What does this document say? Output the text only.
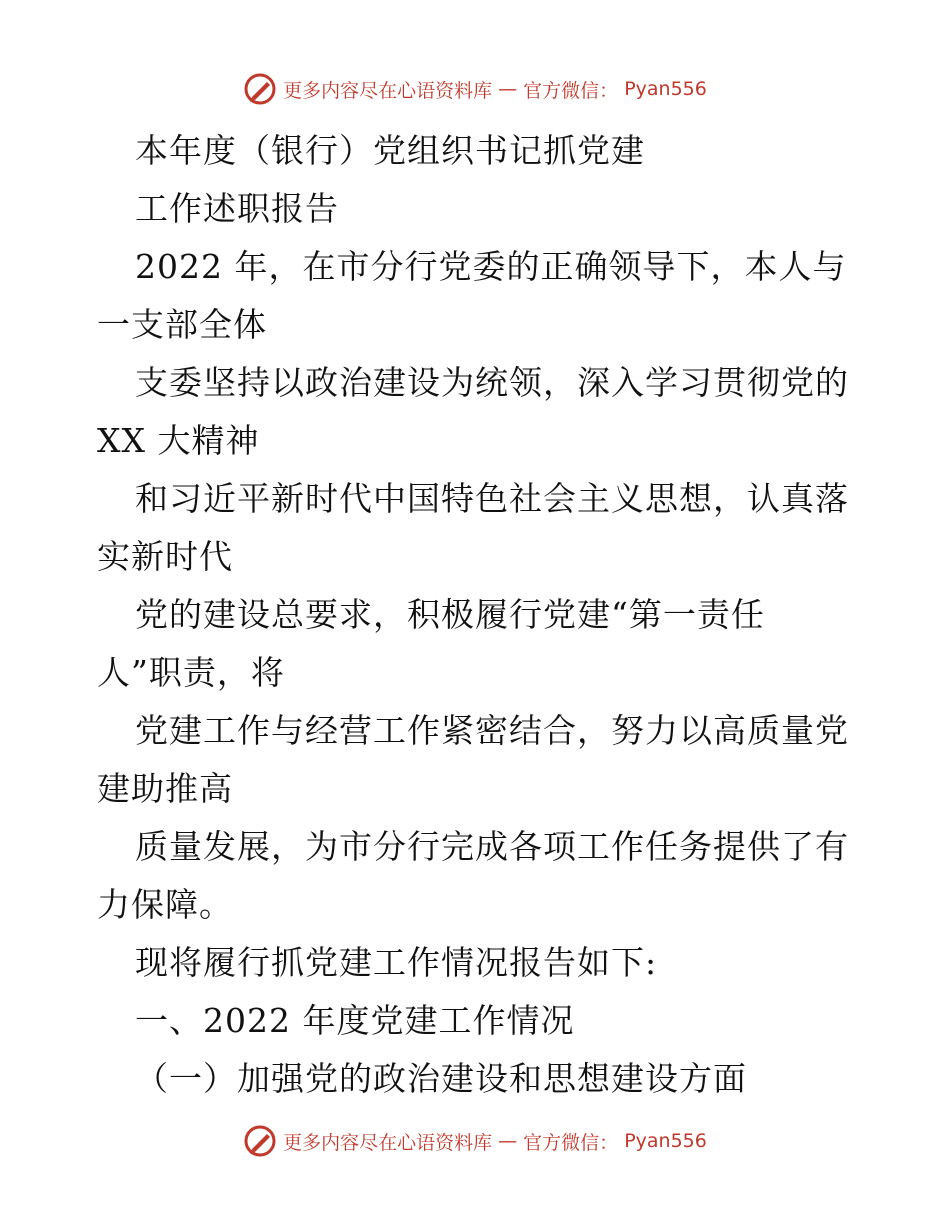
更多内容尽在心语资料库 — 官方微信： Pyan556
本年度（银行）党组织书记抓党建
工作述职报告
2022 年，在市分行党委的正确领导下，本人与
一支部全体
支委坚持以政治建设为统领，深入学习贯彻党的
XX 大精神
和习近平新时代中国特色社会主义思想，认真落
实新时代
党的建设总要求，积极履行党建“第一责任
人”职责，将
党建工作与经营工作紧密结合，努力以高质量党
建助推高
质量发展，为市分行完成各项工作任务提供了有
力保障。
现将履行抓党建工作情况报告如下:
一、2022 年度党建工作情况
（一）加强党的政治建设和思想建设方面
更多内容尽在心语资料库 — 官方微信： Pyan556
